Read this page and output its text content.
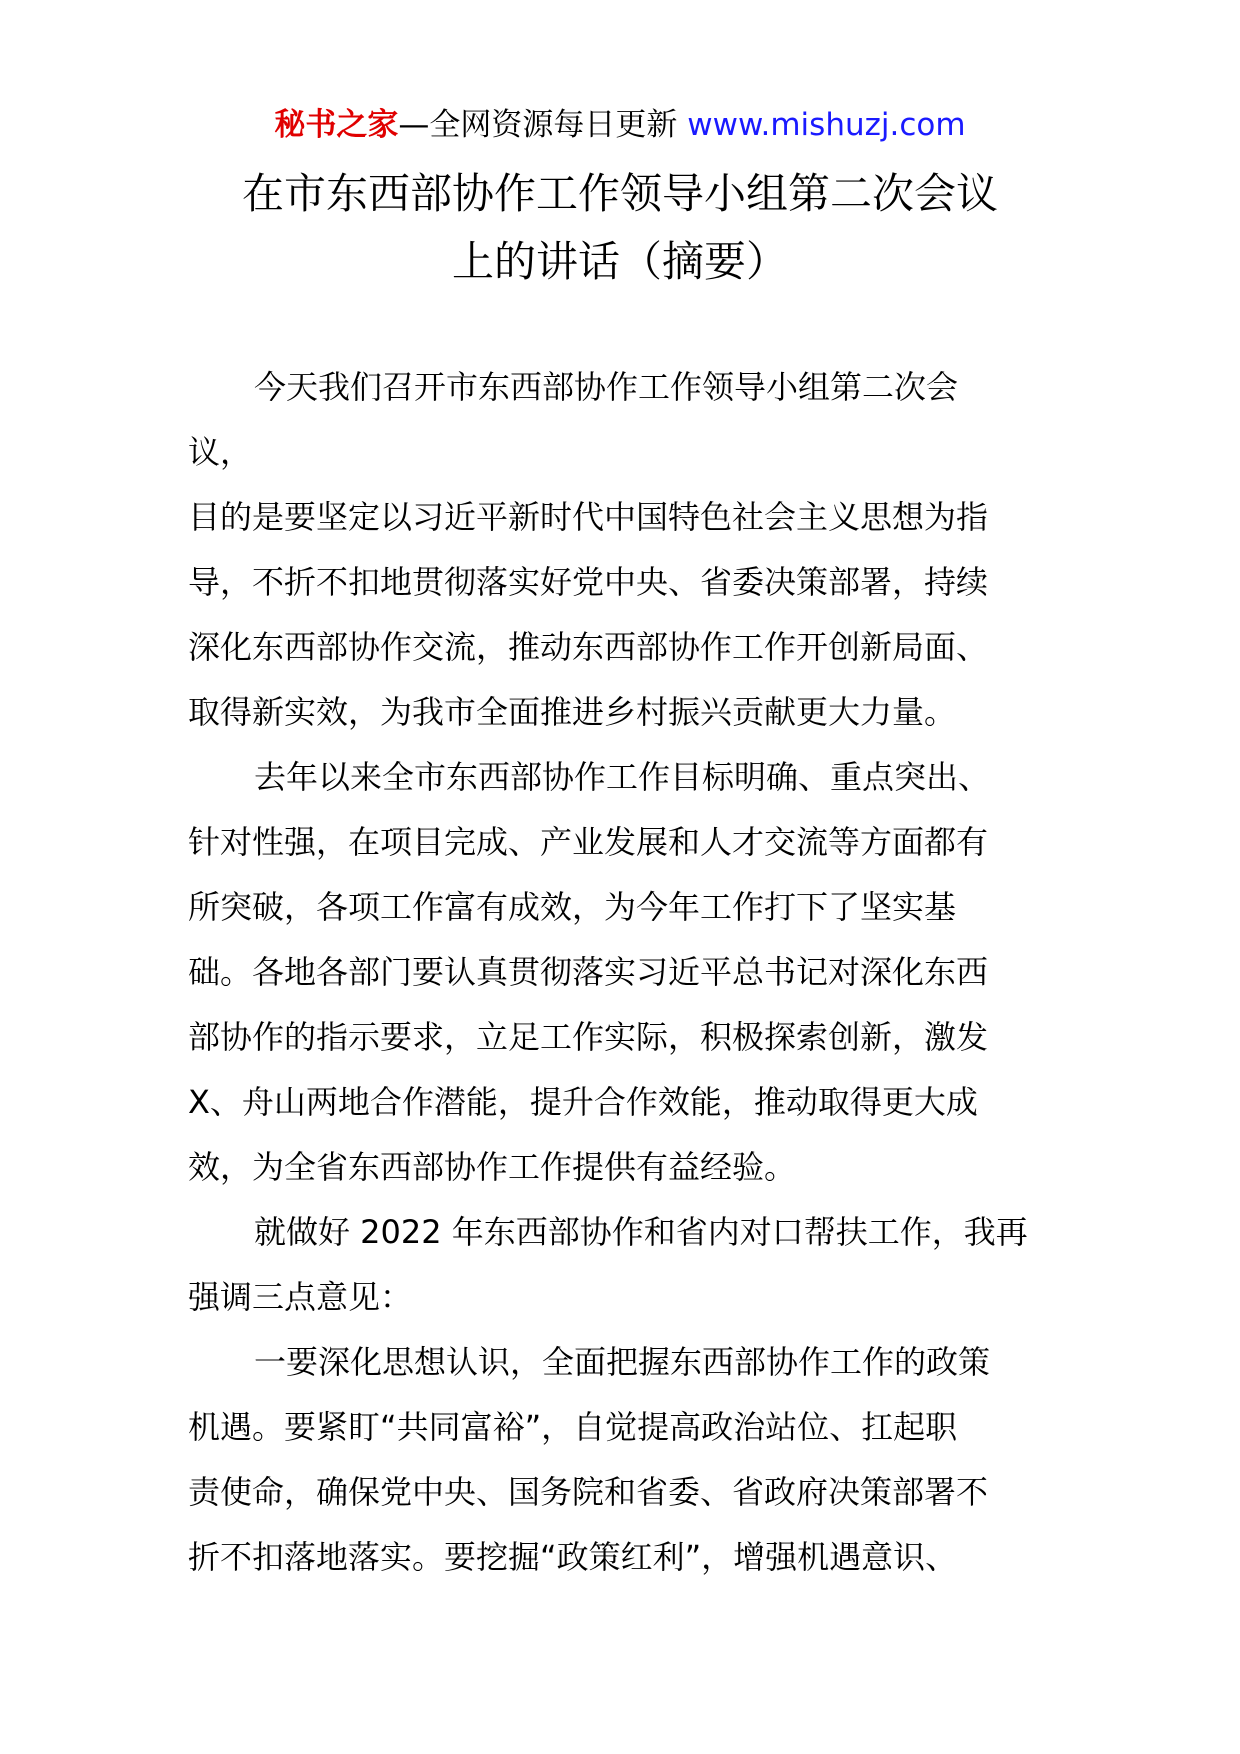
秘书之家—全网资源每日更新 www.mishuzj.com
在市东西部协作工作领导小组第二次会议
上的讲话（摘要）
今天我们召开市东西部协作工作领导小组第二次会
议，
目的是要坚定以习近平新时代中国特色社会主义思想为指
导，不折不扣地贯彻落实好党中央、省委决策部署，持续
深化东西部协作交流，推动东西部协作工作开创新局面、
取得新实效，为我市全面推进乡村振兴贡献更大力量。
去年以来全市东西部协作工作目标明确、重点突出、
针对性强，在项目完成、产业发展和人才交流等方面都有
所突破，各项工作富有成效，为今年工作打下了坚实基
础。各地各部门要认真贯彻落实习近平总书记对深化东西
部协作的指示要求，立足工作实际，积极探索创新，激发
X、舟山两地合作潜能，提升合作效能，推动取得更大成
效，为全省东西部协作工作提供有益经验。
就做好 2022 年东西部协作和省内对口帮扶工作，我再
强调三点意见：
一要深化思想认识，全面把握东西部协作工作的政策
机遇。要紧盯“共同富裕”，自觉提高政治站位、扛起职
责使命，确保党中央、国务院和省委、省政府决策部署不
折不扣落地落实。要挖掘“政策红利”，增强机遇意识、
